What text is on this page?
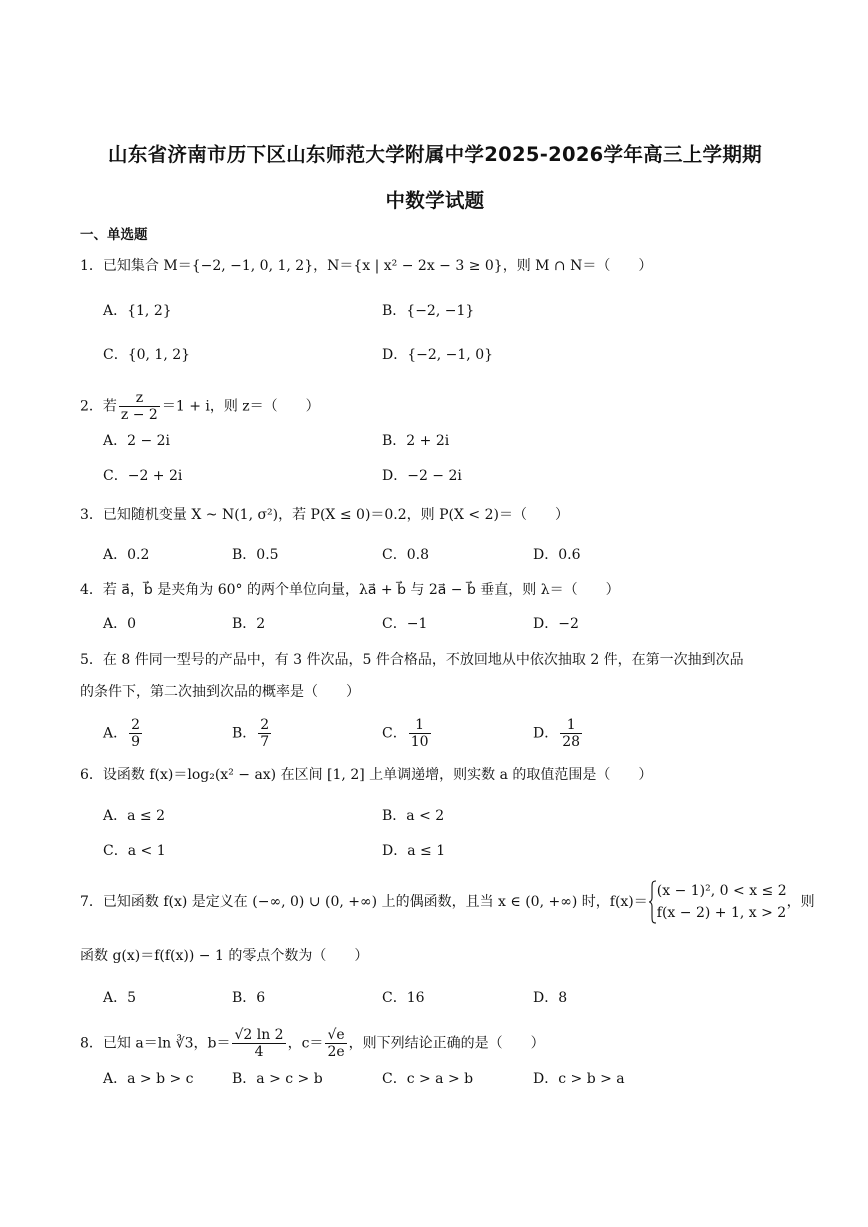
山东省济南市历下区山东师范大学附属中学2025-2026学年高三上学期期
中数学试题
一、单选题
1．已知集合 M＝{−2, −1, 0, 1, 2}，N＝{x | x² − 2x − 3 ≥ 0}，则 M ∩ N＝（　　）
A．{1, 2}	B．{−2, −1}
C．{0, 1, 2}	D．{−2, −1, 0}
2．若 $\frac{z}{z - 2} =1 + i$，则 z＝（　　）
A．2 − 2i	B．2 + 2i
C．−2 + 2i	D．−2 − 2i
3．已知随机变量 X ~ N(1, σ²)，若 P(X ≤ 0)＝0.2，则 P(X < 2)＝（　　）
A．0.2	B．0.5	C．0.8	D．0.6
4．若 a⃗，b⃗ 是夹角为 60° 的两个单位向量，λa⃗ + b⃗ 与 2a⃗ − b⃗ 垂直，则 λ＝（　　）
A．0	B．2	C．−1	D．−2
5．在 8 件同一型号的产品中，有 3 件次品，5 件合格品，不放回地从中依次抽取 2 件，在第一次抽到次品
的条件下，第二次抽到次品的概率是（　　）
A． $\frac{2}{9}$	B． $\frac{2}{7}$	C． $\frac{1}{10}$	D． $\frac{1}{28}$
6．设函数 f(x)＝log₂(x² − ax) 在区间 [1, 2] 上单调递增，则实数 a 的取值范围是（　　）
A．a ≤ 2	B．a < 2
C．a < 1	D．a ≤ 1
7．已知函数 f(x) 是定义在 (−∞, 0) ∪ (0, +∞) 上的偶函数，且当 x ∈ (0, +∞) 时，f(x)＝
(x − 1)², 0 < x ≤ 2
f(x − 2) + 1, x > 2
，则
函数 g(x)＝f(f(x)) − 1 的零点个数为（　　）
A．5	B．6	C．16	D．8
8．已知 a＝ln ∛3，$b= \frac{√2 \ln 2}{4}$ ，$c= \frac{√e}{2e}$ ，则下列结论正确的是（　　）
A．a > b > c	B．a > c > b	C．c > a > b	D．c > b > a
